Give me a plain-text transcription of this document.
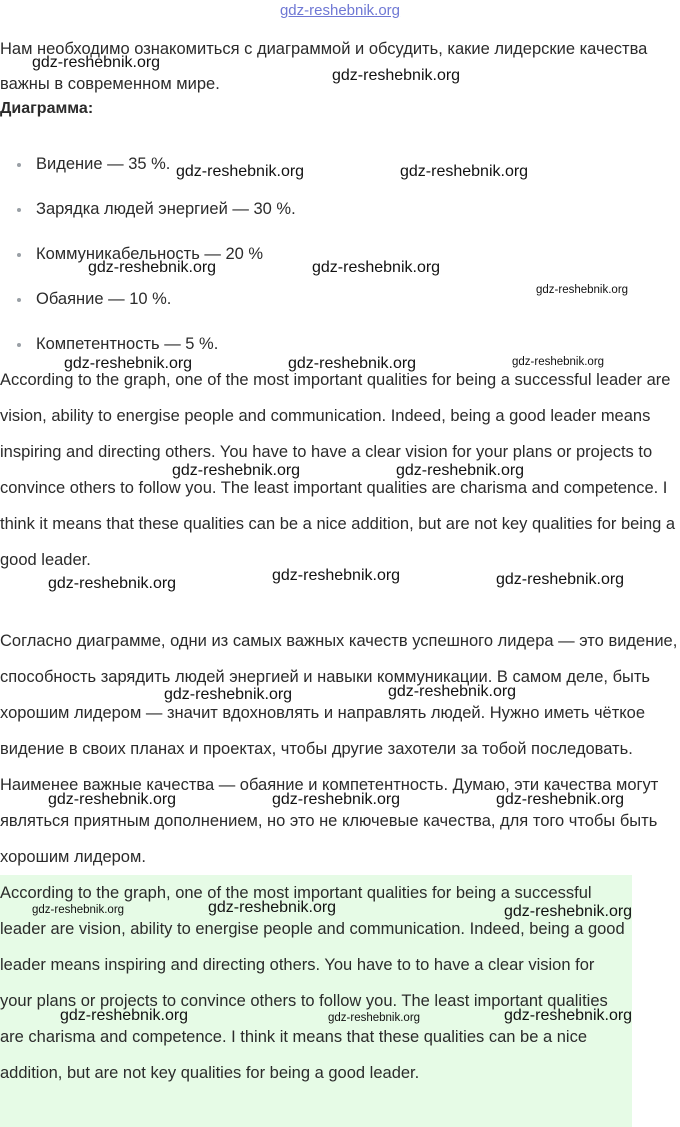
gdz-reshebnik.org

Нам необходимо ознакомиться с диаграммой и обсудить, какие лидерские качества важны в современном мире.

Диаграмма:

Видение — 35 %.
Зарядка людей энергией — 30 %.
Коммуникабельность — 20 %
Обаяние — 10 %.
Компетентность — 5 %.

According to the graph, one of the most important qualities for being a successful leader are vision, ability to energise people and communication. Indeed, being a good leader means inspiring and directing others. You have to have a clear vision for your plans or projects to convince others to follow you. The least important qualities are charisma and competence. I think it means that these qualities can be a nice addition, but are not key qualities for being a good leader.

Согласно диаграмме, одни из самых важных качеств успешного лидера — это видение, способность зарядить людей энергией и навыки коммуникации. В самом деле, быть хорошим лидером — значит вдохновлять и направлять людей. Нужно иметь чёткое видение в своих планах и проектах, чтобы другие захотели за тобой последовать. Наименее важные качества — обаяние и компетентность. Думаю, эти качества могут являться приятным дополнением, но это не ключевые качества, для того чтобы быть хорошим лидером.

According to the graph, one of the most important qualities for being a successful leader are vision, ability to energise people and communication. Indeed, being a good leader means inspiring and directing others. You have to to have a clear vision for your plans or projects to convince others to follow you. The least important qualities are charisma and competence. I think it means that these qualities can be a nice addition, but are not key qualities for being a good leader.

gdz-reshebnik.org
gdz-reshebnik.org
gdz-reshebnik.org	gdz-reshebnik.org
gdz-reshebnik.org	gdz-reshebnik.org
gdz-reshebnik.org
gdz-reshebnik.org	gdz-reshebnik.org	gdz-reshebnik.org
gdz-reshebnik.org	gdz-reshebnik.org
gdz-reshebnik.org	gdz-reshebnik.org	gdz-reshebnik.org
gdz-reshebnik.org	gdz-reshebnik.org
gdz-reshebnik.org	gdz-reshebnik.org	gdz-reshebnik.org
gdz-reshebnik.org	gdz-reshebnik.org	gdz-reshebnik.org
gdz-reshebnik.org	gdz-reshebnik.org	gdz-reshebnik.org
